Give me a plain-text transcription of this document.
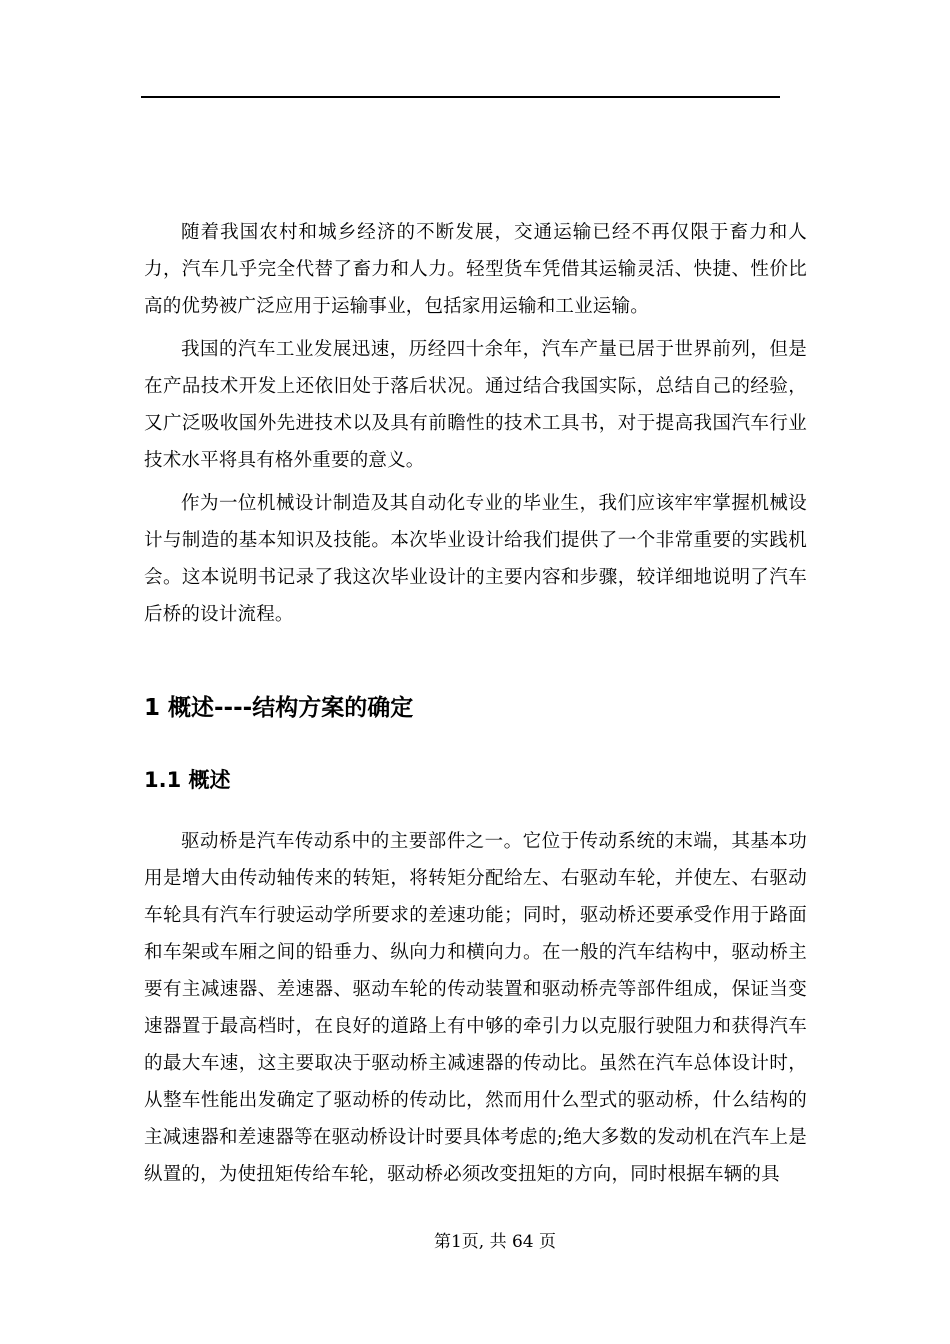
随着我国农村和城乡经济的不断发展，交通运输已经不再仅限于畜力和人力，汽车几乎完全代替了畜力和人力。轻型货车凭借其运输灵活、快捷、性价比高的优势被广泛应用于运输事业，包括家用运输和工业运输。

我国的汽车工业发展迅速，历经四十余年，汽车产量已居于世界前列，但是在产品技术开发上还依旧处于落后状况。通过结合我国实际，总结自己的经验，又广泛吸收国外先进技术以及具有前瞻性的技术工具书，对于提高我国汽车行业技术水平将具有格外重要的意义。

作为一位机械设计制造及其自动化专业的毕业生，我们应该牢牢掌握机械设计与制造的基本知识及技能。本次毕业设计给我们提供了一个非常重要的实践机会。这本说明书记录了我这次毕业设计的主要内容和步骤，较详细地说明了汽车后桥的设计流程。

1 概述----结构方案的确定
1.1 概述

驱动桥是汽车传动系中的主要部件之一。它位于传动系统的末端，其基本功用是增大由传动轴传来的转矩，将转矩分配给左、右驱动车轮，并使左、右驱动车轮具有汽车行驶运动学所要求的差速功能；同时，驱动桥还要承受作用于路面和车架或车厢之间的铅垂力、纵向力和横向力。在一般的汽车结构中，驱动桥主要有主减速器、差速器、驱动车轮的传动装置和驱动桥壳等部件组成，保证当变速器置于最高档时，在良好的道路上有中够的牵引力以克服行驶阻力和获得汽车的最大车速，这主要取决于驱动桥主减速器的传动比。虽然在汽车总体设计时，从整车性能出发确定了驱动桥的传动比，然而用什么型式的驱动桥，什么结构的主减速器和差速器等在驱动桥设计时要具体考虑的;绝大多数的发动机在汽车上是纵置的，为使扭矩传给车轮，驱动桥必须改变扭矩的方向，同时根据车辆的具

第1页, 共 64 页
